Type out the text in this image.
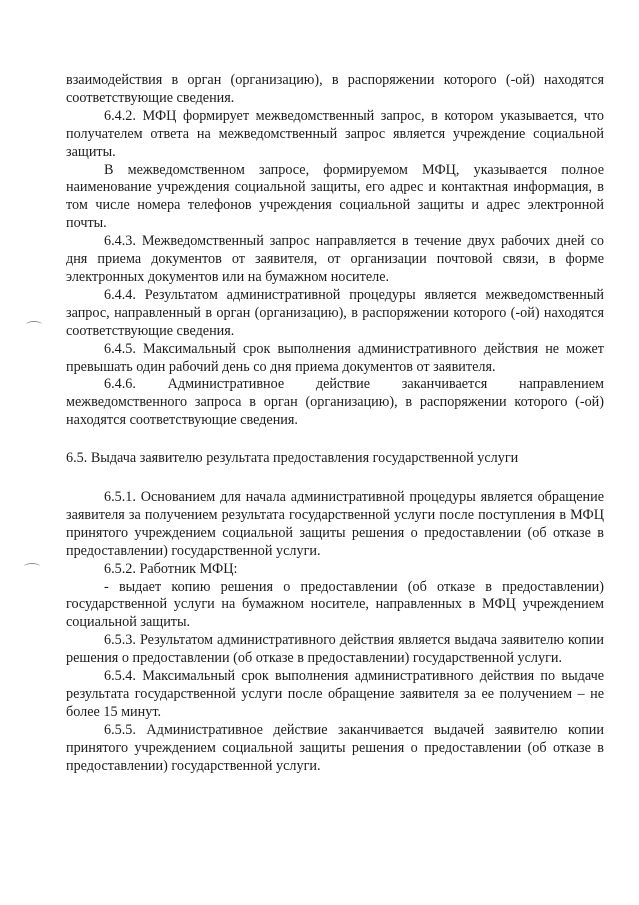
взаимодействия в орган (организацию), в распоряжении которого (-ой) находятся соответствующие сведения.

6.4.2. МФЦ формирует межведомственный запрос, в котором указывается, что получателем ответа на межведомственный запрос является учреждение социальной защиты.

В межведомственном запросе, формируемом МФЦ, указывается полное наименование учреждения социальной защиты, его адрес и контактная информация, в том числе номера телефонов учреждения социальной защиты и адрес электронной почты.

6.4.3. Межведомственный запрос направляется в течение двух рабочих дней со дня приема документов от заявителя, от организации почтовой связи, в форме электронных документов или на бумажном носителе.

6.4.4. Результатом административной процедуры является межведомственный запрос, направленный в орган (организацию), в распоряжении которого (-ой) находятся соответствующие сведения.

6.4.5. Максимальный срок выполнения административного действия не может превышать один рабочий день со дня приема документов от заявителя.

6.4.6. Административное действие заканчивается направлением межведомственного запроса в орган (организацию), в распоряжении которого (-ой) находятся соответствующие сведения.

6.5. Выдача заявителю результата предоставления государственной услуги

6.5.1. Основанием для начала административной процедуры является обращение заявителя за получением результата государственной услуги после поступления в МФЦ принятого учреждением социальной защиты решения о предоставлении (об отказе в предоставлении) государственной услуги.

6.5.2. Работник МФЦ:

- выдает копию решения о предоставлении (об отказе в предоставлении) государственной услуги на бумажном носителе, направленных в МФЦ учреждением социальной защиты.

6.5.3. Результатом административного действия является выдача заявителю копии решения о предоставлении (об отказе в предоставлении) государственной услуги.

6.5.4. Максимальный срок выполнения административного действия по выдаче результата государственной услуги после обращение заявителя за ее получением – не более 15 минут.

6.5.5. Административное действие заканчивается выдачей заявителю копии принятого учреждением социальной защиты решения о предоставлении (об отказе в предоставлении) государственной услуги.
